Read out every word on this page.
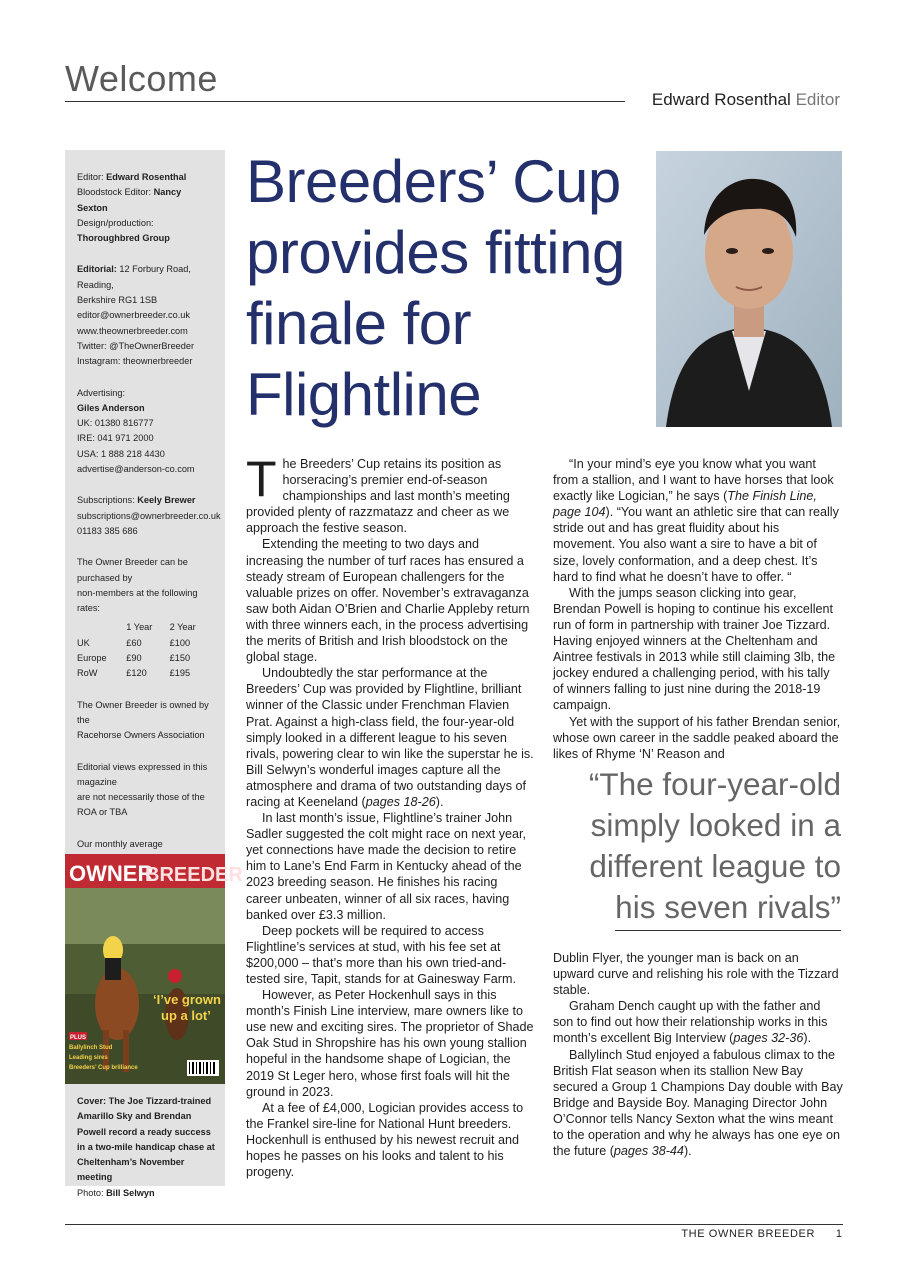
Welcome
Edward Rosenthal Editor
Editor: Edward Rosenthal
Bloodstock Editor: Nancy Sexton
Design/production: Thoroughbred Group
Editorial: 12 Forbury Road, Reading,
Berkshire RG1 1SB
editor@ownerbreeder.co.uk
www.theownerbreeder.com
Twitter: @TheOwnerBreeder
Instagram: theownerbreeder
Advertising:
Giles Anderson
UK: 01380 816777
IRE: 041 971 2000
USA: 1 888 218 4430
advertise@anderson-co.com
Subscriptions: Keely Brewer
subscriptions@ownerbreeder.co.uk
01183 385 686
The Owner Breeder can be purchased by
non-members at the following rates:
	1 Year	2 Year
UK	£60	£100
Europe	£90	£150
RoW	£120	£195
The Owner Breeder is owned by the
Racehorse Owners Association
Editorial views expressed in this magazine
are not necessarily those of the ROA or TBA
Our monthly average
OWNER
BREEDER
‘I’ve grown
up a lot’
PLUS
Ballylinch Stud
Leading sires
Breeders’ Cup brilliance
Cover: The Joe Tizzard-trained Amarillo Sky and Brendan Powell record a ready success in a two-mile handicap chase at Cheltenham’s November meeting
Photo: Bill Selwyn
Breeders’ Cup provides fitting finale for Flightline

The Breeders’ Cup retains its position as horseracing’s premier end-of-season championships and last month’s meeting provided plenty of razzmatazz and cheer as we approach the festive season.

Extending the meeting to two days and increasing the number of turf races has ensured a steady stream of European challengers for the valuable prizes on offer. November’s extravaganza saw both Aidan O’Brien and Charlie Appleby return with three winners each, in the process advertising the merits of British and Irish bloodstock on the global stage.

Undoubtedly the star performance at the Breeders’ Cup was provided by Flightline, brilliant winner of the Classic under Frenchman Flavien Prat. Against a high-class field, the four-year-old simply looked in a different league to his seven rivals, powering clear to win like the superstar he is. Bill Selwyn’s wonderful images capture all the atmosphere and drama of two outstanding days of racing at Keeneland (pages 18-26).

In last month’s issue, Flightline’s trainer John Sadler suggested the colt might race on next year, yet connections have made the decision to retire him to Lane’s End Farm in Kentucky ahead of the 2023 breeding season. He finishes his racing career unbeaten, winner of all six races, having banked over £3.3 million.

Deep pockets will be required to access Flightline’s services at stud, with his fee set at $200,000 – that’s more than his own tried-and-tested sire, Tapit, stands for at Gainesway Farm.

However, as Peter Hockenhull says in this month’s Finish Line interview, mare owners like to use new and exciting sires. The proprietor of Shade Oak Stud in Shropshire has his own young stallion hopeful in the handsome shape of Logician, the 2019 St Leger hero, whose first foals will hit the ground in 2023.

At a fee of £4,000, Logician provides access to the Frankel sire-line for National Hunt breeders. Hockenhull is enthused by his newest recruit and hopes he passes on his looks and talent to his progeny.

“In your mind’s eye you know what you want from a stallion, and I want to have horses that look exactly like Logician,” he says (The Finish Line, page 104). “You want an athletic sire that can really stride out and has great fluidity about his movement. You also want a sire to have a bit of size, lovely conformation, and a deep chest. It’s hard to find what he doesn’t have to offer. “

With the jumps season clicking into gear, Brendan Powell is hoping to continue his excellent run of form in partnership with trainer Joe Tizzard. Having enjoyed winners at the Cheltenham and Aintree festivals in 2013 while still claiming 3lb, the jockey endured a challenging period, with his tally of winners falling to just nine during the 2018-19 campaign.

Yet with the support of his father Brendan senior, whose own career in the saddle peaked aboard the likes of Rhyme ‘N’ Reason and

“The four-year-old simply looked in a different league to his seven rivals”

Dublin Flyer, the younger man is back on an upward curve and relishing his role with the Tizzard stable.

Graham Dench caught up with the father and son to find out how their relationship works in this month’s excellent Big Interview (pages 32-36).

Ballylinch Stud enjoyed a fabulous climax to the British Flat season when its stallion New Bay secured a Group 1 Champions Day double with Bay Bridge and Bayside Boy. Managing Director John O’Connor tells Nancy Sexton what the wins meant to the operation and why he always has one eye on the future (pages 38-44).

THE OWNER BREEDER 1
